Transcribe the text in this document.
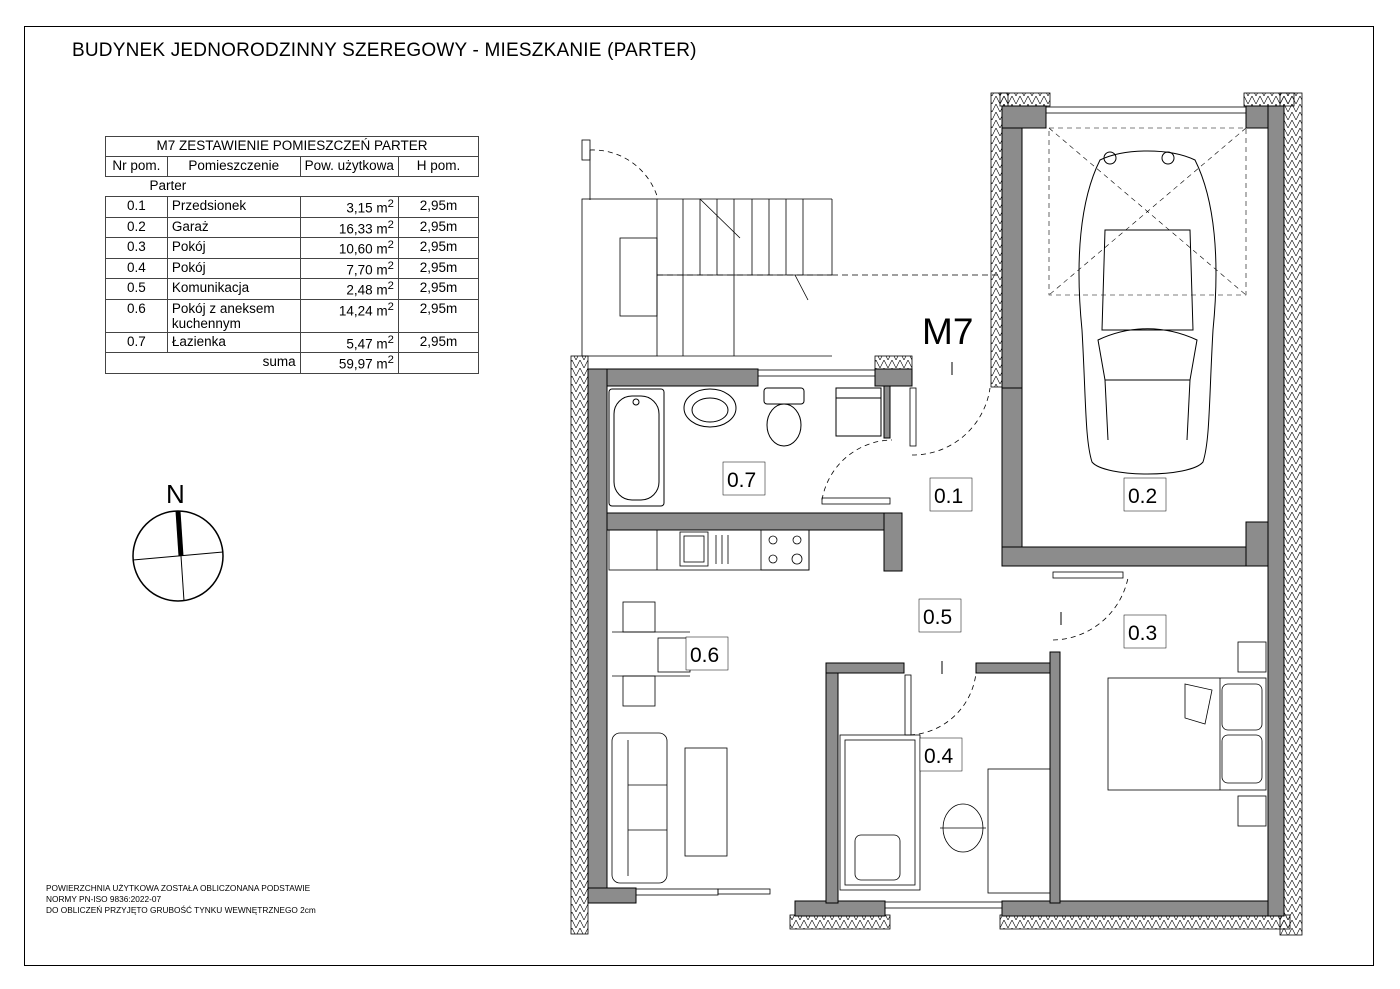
BUDYNEK JEDNORODZINNY SZEREGOWY - MIESZKANIE (PARTER)
M7 ZESTAWIENIE POMIESZCZEŃ PARTER			
Nr pom.	Pomieszczenie	Pow. użytkowa	H pom.
Parter			
0.1	Przedsionek	3,15 $m^2$	2,95m
0.2	Garaż	16,33 $m^2$	2,95m
0.3	Pokój	10,60 $m^2$	2,95m
0.4	Pokój	7,70 $m^2$	2,95m
0.5	Komunikacja	2,48 $m^2$	2,95m
0.6	Pokój z aneksem kuchennym	14,24 $m^2$	2,95m
0.7	Łazienka	5,47 $m^2$	2,95m
suma		59,97 $m^2$	
N
M7
0.7
0.1	0.2
0.5
0.3
0.6
0.4
POWIERZCHNIA UŻYTKOWA ZOSTAŁA OBLICZONANA PODSTAWIE
NORMY PN-ISO 9836:2022-07
DO OBLICZEŃ PRZYJĘTO GRUBOŚĆ TYNKU WEWNĘTRZNEGO 2cm
